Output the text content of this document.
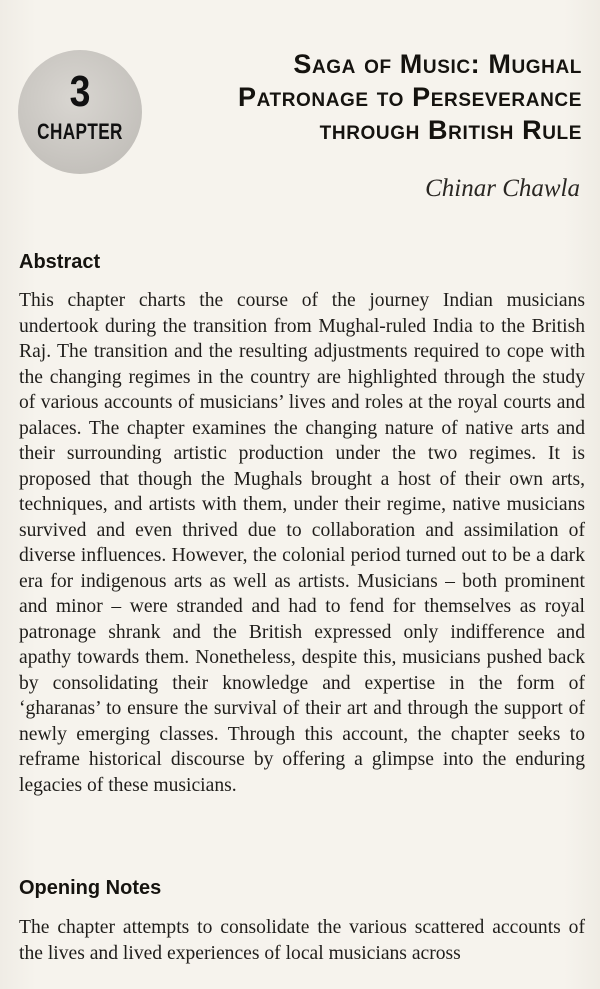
3
CHAPTER
Saga of Music: Mughal
Patronage to Perseverance
through British Rule
Chinar Chawla
Abstract
This chapter charts the course of the journey Indian musicians undertook during the transition from Mughal-ruled India to the British Raj. The transition and the resulting adjustments required to cope with the changing regimes in the country are highlighted through the study of various accounts of musicians’ lives and roles at the royal courts and palaces. The chapter examines the changing nature of native arts and their surrounding artistic production under the two regimes. It is proposed that though the Mughals brought a host of their own arts, techniques, and artists with them, under their regime, native musicians survived and even thrived due to collaboration and assimilation of diverse influences. However, the colonial period turned out to be a dark era for indigenous arts as well as artists. Musicians – both prominent and minor – were stranded and had to fend for themselves as royal patronage shrank and the British expressed only indifference and apathy towards them. Nonetheless, despite this, musicians pushed back by consolidating their knowledge and expertise in the form of ‘gharanas’ to ensure the survival of their art and through the support of newly emerging classes. Through this account, the chapter seeks to reframe historical discourse by offering a glimpse into the enduring legacies of these musicians.
Opening Notes
The chapter attempts to consolidate the various scattered accounts of the lives and lived experiences of local musicians across
